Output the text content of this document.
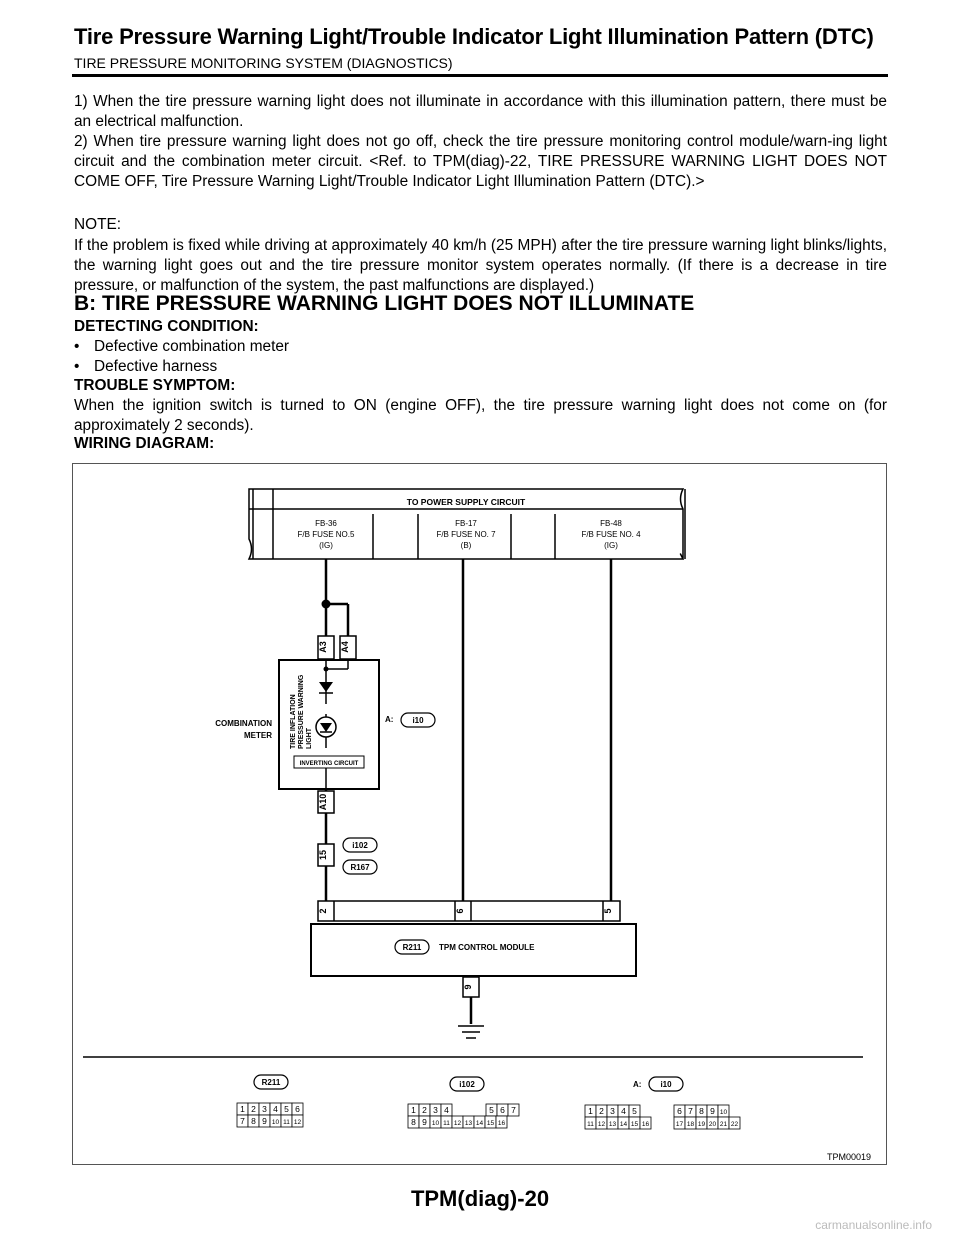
Tire Pressure Warning Light/Trouble Indicator Light Illumination Pattern (DTC)
TIRE PRESSURE MONITORING SYSTEM (DIAGNOSTICS)
1) When the tire pressure warning light does not illuminate in accordance with this illumination pattern, there must be an electrical malfunction.
2) When tire pressure warning light does not go off, check the tire pressure monitoring control module/warn-ing light circuit and the combination meter circuit. <Ref. to TPM(diag)-22, TIRE PRESSURE WARNING LIGHT DOES NOT COME OFF, Tire Pressure Warning Light/Trouble Indicator Light Illumination Pattern (DTC).>
NOTE:
If the problem is fixed while driving at approximately 40 km/h (25 MPH) after the tire pressure warning light blinks/lights, the warning light goes out and the tire pressure monitor system operates normally. (If there is a decrease in tire pressure, or malfunction of the system, the past malfunctions are displayed.)
B: TIRE PRESSURE WARNING LIGHT DOES NOT ILLUMINATE
DETECTING CONDITION:
• Defective combination meter
• Defective harness
TROUBLE SYMPTOM:
When the ignition switch is turned to ON (engine OFF), the tire pressure warning light does not come on (for approximately 2 seconds).
WIRING DIAGRAM:
TO POWER SUPPLY CIRCUIT
FB-36
F/B FUSE NO.5
(IG)
FB-17
F/B FUSE NO. 7
(B)
FB-48
F/B FUSE NO. 4
(IG)
A3 A4
INVERTING CIRCUIT
TIRE INFLATION PRESSURE WARNING LIGHT
COMBINATION
METER
A: i10
A10
15
i102
R167
2	6	5
R211 TPM CONTROL MODULE
9
R211
1 2 3 4 5 6
7 8 9 10 11 12
i102
1 2 3 4	5 6 7
8 9 10 11 12 13 14 15 16
A: i10
1 2 3 4 5	6 7 8 9 10
11 12 13 14 15 16	17 18 19 20 21 22
TPM00019
TPM(diag)-20
carmanualsonline.info
